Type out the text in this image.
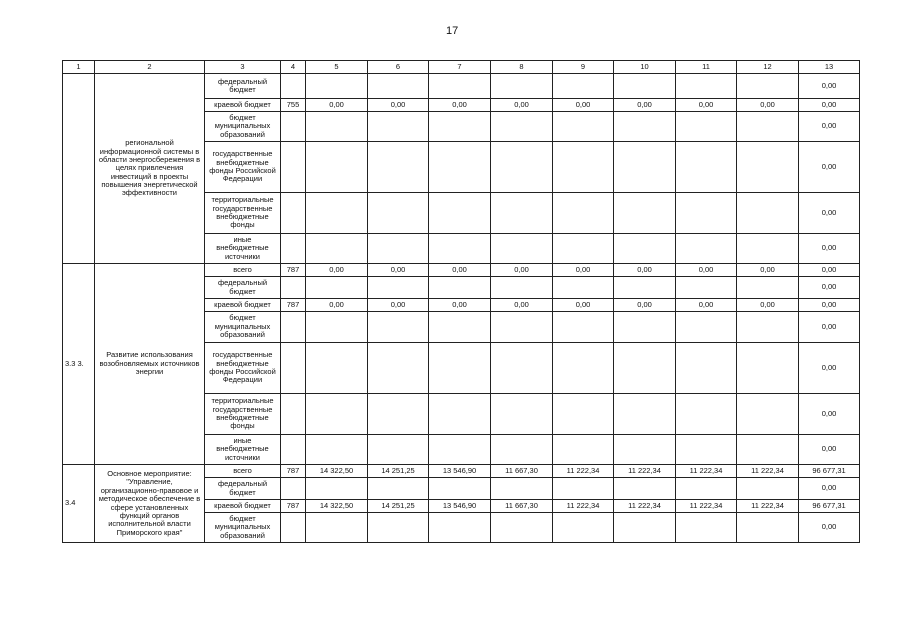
17
1	2	3	4	5	6	7	8	9	10	11	12	13
	региональной информационной системы в области энергосбережения в целях привлечения инвестиций в проекты повышения энергетической эффективности	федеральный бюджет										0,00
		краевой бюджет	755	0,00	0,00	0,00	0,00	0,00	0,00	0,00	0,00	0,00
		бюджет муниципальных образований										0,00
		государственные внебюджетные фонды Российской Федерации										0,00
		территориальные государственные внебюджетные фонды										0,00
		иные внебюджетные источники										0,00
3.3 3.	Развитие использования возобновляемых источников энергии	всего	787	0,00	0,00	0,00	0,00	0,00	0,00	0,00	0,00	0,00
		федеральный бюджет										0,00
		краевой бюджет	787	0,00	0,00	0,00	0,00	0,00	0,00	0,00	0,00	0,00
		бюджет муниципальных образований										0,00
		государственные внебюджетные фонды Российской Федерации										0,00
		территориальные государственные внебюджетные фонды										0,00
		иные внебюджетные источники										0,00
3.4	Основное мероприятие: "Управление, организационно-правовое и методическое обеспечение в сфере установленных функций органов исполнительной власти Приморского края"	всего	787	14 322,50	14 251,25	13 546,90	11 667,30	11 222,34	11 222,34	11 222,34	11 222,34	96 677,31
		федеральный бюджет										0,00
		краевой бюджет	787	14 322,50	14 251,25	13 546,90	11 667,30	11 222,34	11 222,34	11 222,34	11 222,34	96 677,31
		бюджет муниципальных образований										0,00
